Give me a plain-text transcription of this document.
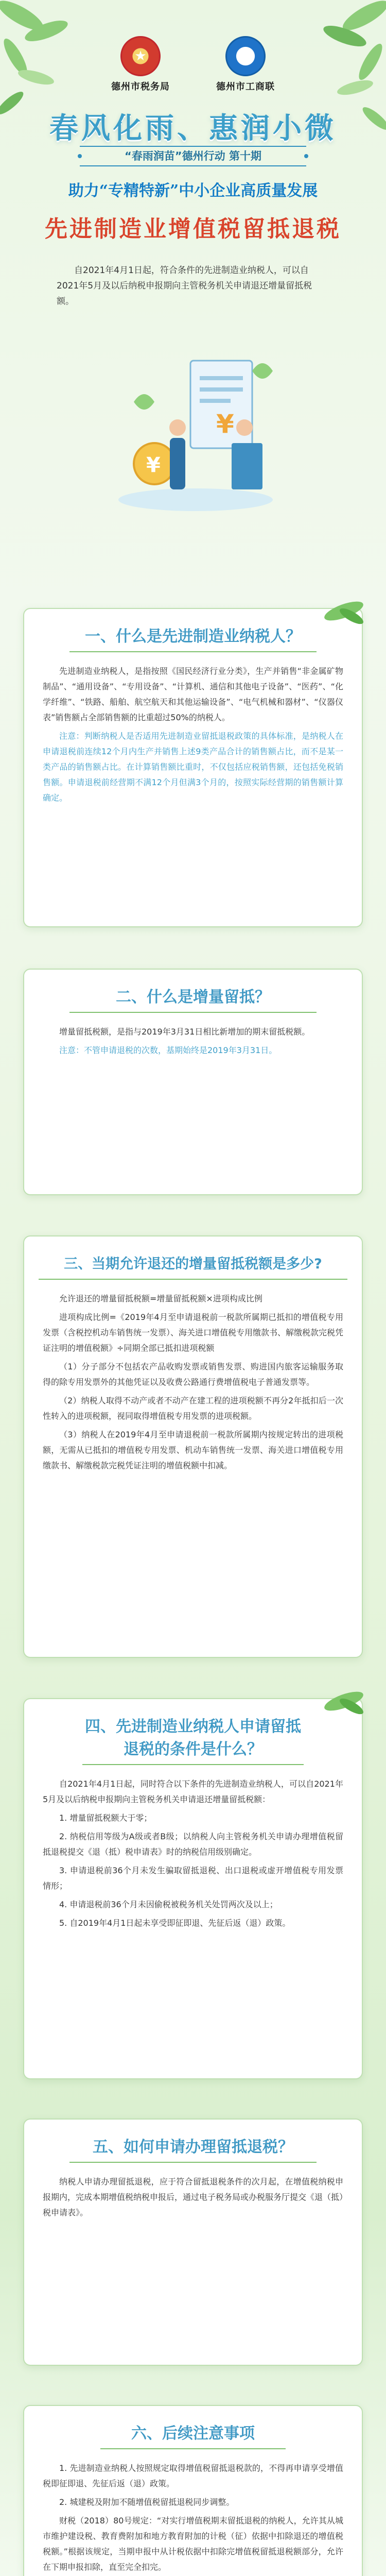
★
德州市税务局
◎
德州市工商联
春风化雨、惠润小微
“春雨润苗”德州行动 第十期
助力“专精特新”中小企业高质量发展
先进制造业增值税留抵退税
自2021年4月1日起，符合条件的先进制造业纳税人，可以自2021年5月及以后纳税申报期向主管税务机关申请退还增量留抵税额。
¥
¥
一、什么是先进制造业纳税人？

先进制造业纳税人，是指按照《国民经济行业分类》，生产并销售“非金属矿物制品”、“通用设备”、“专用设备”、“计算机、通信和其他电子设备”、“医药”、“化学纤维”、“铁路、船舶、航空航天和其他运输设备”、“电气机械和器材”、“仪器仪表”销售额占全部销售额的比重超过50%的纳税人。

注意：判断纳税人是否适用先进制造业留抵退税政策的具体标准，是纳税人在申请退税前连续12个月内生产并销售上述9类产品合计的销售额占比，而不是某一类产品的销售额占比。在计算销售额比重时，不仅包括应税销售额，还包括免税销售额。申请退税前经营期不满12个月但满3个月的，按照实际经营期的销售额计算确定。

二、什么是增量留抵？

增量留抵税额，是指与2019年3月31日相比新增加的期末留抵税额。

注意：不管申请退税的次数，基期始终是2019年3月31日。

三、当期允许退还的增量留抵税额是多少?

允许退还的增量留抵税额=增量留抵税额×进项构成比例

进项构成比例=《2019年4月至申请退税前一税款所属期已抵扣的增值税专用发票（含税控机动车销售统一发票）、海关进口增值税专用缴款书、解缴税款完税凭证注明的增值税额》÷同期全部已抵扣进项税额

（1）分子部分不包括农产品收购发票或销售发票、购进国内旅客运输服务取得的除专用发票外的其他凭证以及收费公路通行费增值税电子普通发票等。

（2）纳税人取得不动产或者不动产在建工程的进项税额不再分2年抵扣后一次性转入的进项税额，视同取得增值税专用发票的进项税额。

（3）纳税人在2019年4月至申请退税前一税款所属期内按规定转出的进项税额，无需从已抵扣的增值税专用发票、机动车销售统一发票、海关进口增值税专用缴款书、解缴税款完税凭证注明的增值税额中扣减。

四、先进制造业纳税人申请留抵退税的条件是什么？

自2021年4月1日起，同时符合以下条件的先进制造业纳税人，可以自2021年5月及以后纳税申报期向主管税务机关申请退还增量留抵税额：

1. 增量留抵税额大于零；

2. 纳税信用等级为A级或者B级；以纳税人向主管税务机关申请办理增值税留抵退税提交《退（抵）税申请表》时的纳税信用级别确定。

3. 申请退税前36个月未发生骗取留抵退税、出口退税或虚开增值税专用发票情形；

4. 申请退税前36个月未因偷税被税务机关处罚两次及以上；

5. 自2019年4月1日起未享受即征即退、先征后返（退）政策。

五、如何申请办理留抵退税？

纳税人申请办理留抵退税，应于符合留抵退税条件的次月起，在增值税纳税申报期内，完成本期增值税纳税申报后，通过电子税务局或办税服务厅提交《退（抵）税申请表》。

六、后续注意事项

1. 先进制造业纳税人按照规定取得增值税留抵退税款的，不得再申请享受增值税即征即退、先征后返（退）政策。

2. 城建税及附加不随增值税留抵退税同步调整。

财税（2018）80号规定：“对实行增值税期末留抵退税的纳税人，允许其从城市维护建设税、教育费附加和地方教育附加的计税（征）依据中扣除退还的增值税税额。”根据该规定，当期申报中从计税依据中扣除完增值税留抵退税额部分，允许在下期申报扣除，直至完全扣完。
